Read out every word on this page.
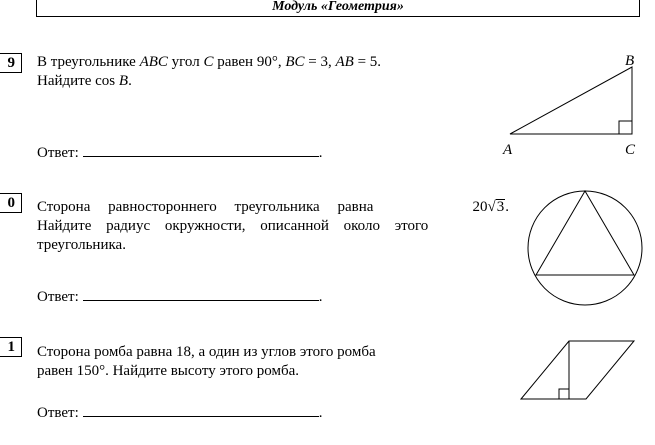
Модуль «Геометрия»
9	В треугольнике ABC угол C равен 90°, BC = 3, AB = 5.
Найдите cos B.
Ответ:	.
B
A	C
0	Сторона равностороннего треугольника равна	20√3.
Найдите радиус окружности, описанной около этого
треугольника.
Ответ:	.
1	Сторона ромба равна 18, а один из углов этого ромба
равен 150°. Найдите высоту этого ромба.
Ответ:	.
